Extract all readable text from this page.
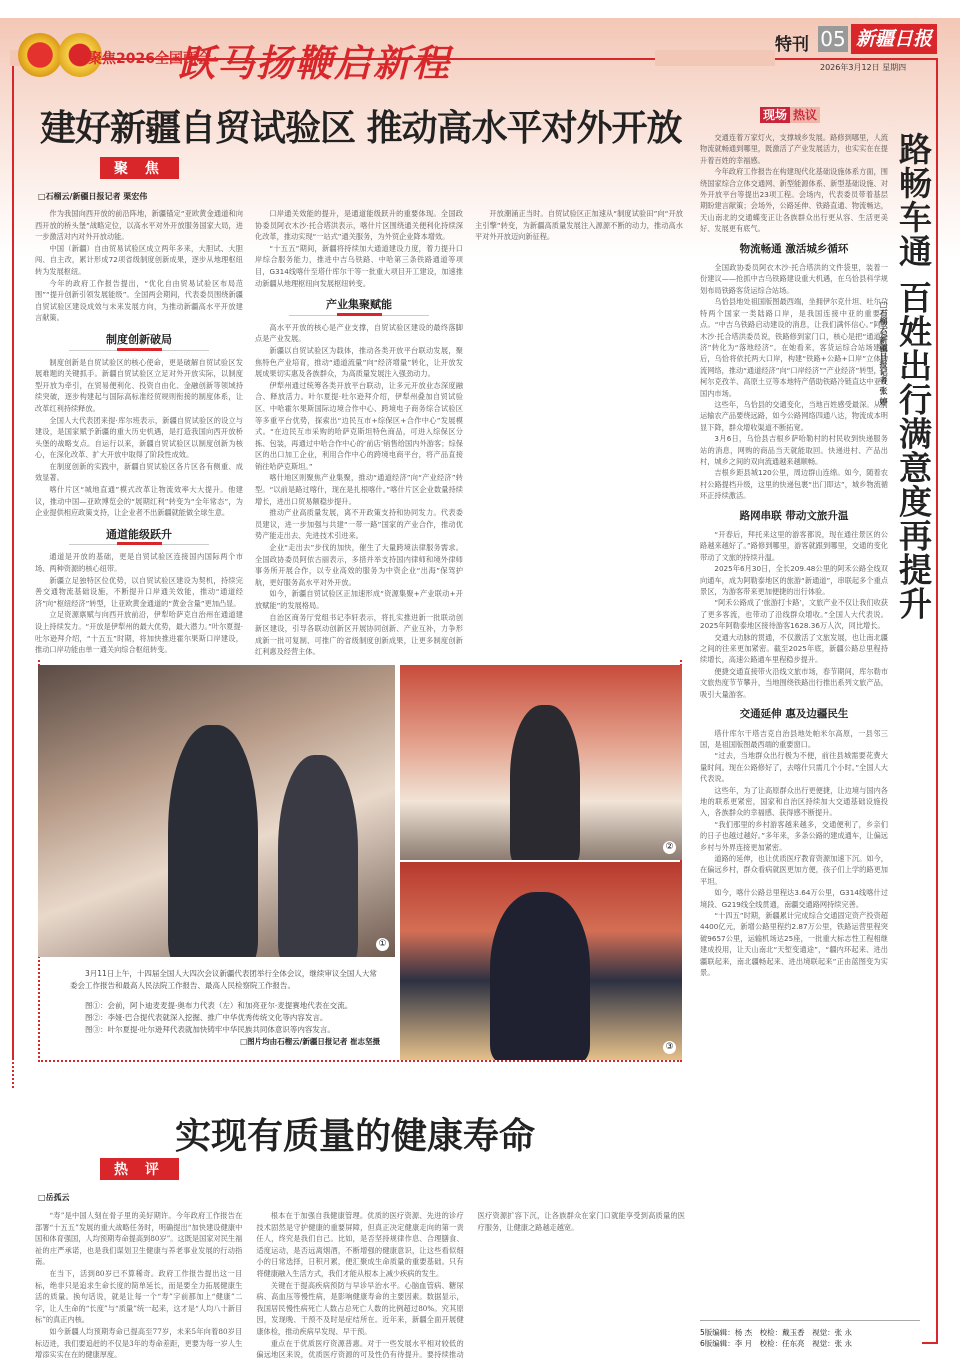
聚焦2026全国两会
跃马扬鞭启新程	特刊 05 新疆日报
2026年3月12日 星期四
建好新疆自贸试验区 推动高水平对外开放
聚 焦
□石榴云/新疆日报记者 栗宏伟

作为我国向西开放的前沿阵地，新疆锚定“亚欧黄金通道和向西开放的桥头堡”战略定位，以高水平对外开放服务国家大局，进一步激活对内对外开放动能。

中国（新疆）自由贸易试验区成立两年多来，大胆试、大胆闯、自主改，累计形成72项省级制度创新成果，逐步从地理枢纽转为发展枢纽。

今年的政府工作报告提出，“优化自由贸易试验区布局范围”“提升创新引领发展能级”。全国两会期间，代表委员围绕新疆自贸试验区建设成效与未来发展方向，为推动新疆高水平开放建言献策。

制度创新破局

制度创新是自贸试验区的核心使命，更是破解自贸试验区发展难题的关键抓手。新疆自贸试验区立足对外开放实际，以制度型开放为牵引，在贸易便利化、投资自由化、金融创新等领域持续突破，逐步构建起与国际高标准经贸规则衔接的制度体系，让改革红利持续释放。

全国人大代表团来提·库尔班表示，新疆自贸试验区的设立与建设，是国家赋予新疆的重大历史机遇，是打造我国向西开放桥头堡的战略支点。自运行以来，新疆自贸试验区以制度创新为核心，在深化改革、扩大开放中取得了阶段性成效。

在制度创新的实践中，新疆自贸试验区各片区各有侧重、成效显著。

喀什片区“城地直通”模式改革让物流效率大大提升。他建议，推动中国—亚欧博览会的“展期红利”转变为“全年常态”，为企业提供相应政策支持，让企业者不出新疆就能做全球生意。

通道能级跃升

通道是开放的基础，更是自贸试验区连接国内国际两个市场、两种资源的核心纽带。

新疆立足独特区位优势，以自贸试验区建设为契机，持续完善交通物流基础设施，不断提升口岸通关效能，推动“通道经济”向“枢纽经济”转型，让亚欧黄金通道的“黄金含量”更加凸显。

立足资源禀赋与向西开放前沿，伊犁哈萨克自治州在通道建设上持续发力。“开放是伊犁州的最大优势，最大潜力。”叶尔夏提·吐尔逊拜介绍，“十五五”时期，将加快推进霍尔果斯口岸建设，推动口岸功能由单一通关向综合枢纽转变。

口岸通关效能的提升，是通道能级跃升的重要体现。全国政协委员阿衣木沙·托合塔洪表示，喀什片区围绕通关便利化持续深化改革，推动实现“一站式”通关服务，为外贸企业降本增效。

“十五五”期间，新疆将持续加大通道建设力度，着力提升口岸综合服务能力，推进中吉乌铁路、中哈第三条铁路通道等项目，G314线喀什至塔什库尔干等一批重大项目开工建设，加速推动新疆从地理枢纽向发展枢纽转变。

产业集聚赋能

高水平开放的核心是产业支撑，自贸试验区建设的最终落脚点是产业发展。

新疆以自贸试验区为载体，推动各类开放平台联动发展，聚焦特色产业培育，推动“通道流量”向“经济增量”转化，让开放发展成果切实惠及各族群众，为高质量发展注入强劲动力。

伊犁州通过统筹各类开放平台联动，让多元开放业态深度融合、释放活力。叶尔夏提·吐尔逊拜介绍，伊犁州叠加自贸试验区、中哈霍尔果斯国际边境合作中心、跨境电子商务综合试验区等多重平台优势，探索出“边民互市+综保区+合作中心”发展模式。“在边民互市采购的哈萨克斯坦特色商品，可进入综保区分拣、包装，再通过中哈合作中心的‘前店’销售给国内外游客；综保区的出口加工企业，利用合作中心的跨境电商平台，将产品直接销往哈萨克斯坦。”

喀什地区则聚焦产业集聚，推动“通道经济”向“产业经济”转型。“以前是路过喀什，现在是扎根喀什。”喀什片区企业数量持续增长，进出口贸易额稳步提升。

推动产业高质量发展，离不开政策支持和协同发力。代表委员建议，进一步加强与共建“一带一路”国家的产业合作，推动优势产能走出去、先进技术引进来。

企业“走出去”步伐的加快，催生了大量跨境法律服务需求。全国政协委员阿依古丽表示，多措并举支持国内律师和境外律师事务所开展合作，以专业高效的服务为中资企业“出海”保驾护航，更好服务高水平对外开放。

如今，新疆自贸试验区正加速形成“资源集聚+产业联动+开放赋能”的发展格局。

自治区商务厅党组书记李轩表示，将扎实推进新一批联动创新区建设，引导各联动创新区开展协同创新、产业互补，力争形成新一批可复制、可推广的省级制度创新成果，让更多制度创新红利惠及经营主体。

开放潮涌正当时。自贸试验区正加速从“制度试验田”向“开放主引擎”转变，为新疆高质量发展注入源源不断的动力，推动高水平对外开放迈向新征程。

①
②
③

3月11日上午，十四届全国人大四次会议新疆代表团举行全体会议，继续审议全国人大常委会工作报告和最高人民法院工作报告、最高人民检察院工作报告。

图①：会前，阿卜迪麦麦提·奥布力代表（左）和加亮亚尔·麦提赛地代表在交流。
图②：李娅·巴合提代表就深入挖掘、推广中华优秀传统文化等内容发言。
图③：叶尔夏提·吐尔逊拜代表就加快铸牢中华民族共同体意识等内容发言。
□图片均由石榴云/新疆日报记者 崔志坚摄
现场 热议

交通连着万家灯火，支撑城乡发展。路修到哪里，人流物流就畅通到哪里，既激活了产业发展活力，也实实在在提升着百姓的幸福感。

今年政府工作报告在构建现代化基础设施体系方面，围绕国家综合立体交通网、新型能源体系、新型基础设施、对外开放平台等提出23项工程。会场内，代表委员带着基层期盼建言献策；会场外，公路延伸、铁路直通、物流畅达，天山南北的交通蝶变正让各族群众出行更从容、生活更美好、发展更有底气。

物流畅通 激活城乡循环

全国政协委员阿衣木沙·托合塔洪的文件袋里，装着一份建议——抢抓中吉乌铁路建设重大机遇，在乌恰县科学规划布局铁路客货运综合站场。

乌恰县地处祖国版图最西端，坐拥伊尔克什坦、吐尔尕特两个国家一类陆路口岸，是我国连接中亚的重要节点。“中吉乌铁路启动建设的消息，让我们满怀信心。”阿衣木沙·托合塔洪委员说，铁路修到家门口，核心是把“通道经济”转化为“落地经济”。在她看来，客货运综合站场建成后，乌恰将依托两大口岸，构建“铁路+公路+口岸”立体物流网络，推动“通道经济”向“口岸经济”“产业经济”转型，让柯尔克孜羊、高原土豆等本地特产借助铁路冷链直达中亚及国内市场。

这些年，乌恰县的交通变化，当地百姓感受最深。从前运输农产品要绕远路，如今公路网络四通八达，物流成本明显下降，群众增收渠道不断拓宽。

3月6日，乌恰县吉根乡萨哈勒村的村民收到快递服务站的消息，网购的商品当天就能取回。快递进村、产品出村，城乡之间的双向流通越来越顺畅。

吉根乡距县城120公里，周边群山连绵。如今，随着农村公路提档升级，这里的快递包裹“出门即达”，城乡物流循环正持续激活。

路网串联 带动文旅升温

“开春后，拜托来这里的游客都说，现在通往景区的公路越来越好了。”路修到哪里，游客就跟到哪里，交通的变化带动了文旅的持续升温。

2025年6月30日，全长209.48公里的阿禾公路全线双向通车，成为阿勒泰地区的旅游“新通道”，串联起多个重点景区，为游客带来更加便捷的出行体验。

“阿禾公路成了‘旅游打卡路’，文旅产业不仅让我们收获了更多客流，也带动了沿线群众增收。”全国人大代表说。2025年阿勒泰地区接待游客1628.36万人次，同比增长。

交通大动脉的贯通，不仅激活了文旅发展，也让南北疆之间的往来更加紧密。截至2025年底，新疆公路总里程持续增长，高速公路通车里程稳步提升。

便捷交通直接带火沿线文旅市场，春节期间，库尔勒市文旅热度节节攀升，当地围绕铁路出行推出系列文旅产品，吸引大量游客。

交通延伸 惠及边疆民生

塔什库尔干塔吉克自治县地处帕米尔高原，一县邻三国，是祖国版图最西端的重要窗口。

“过去，当地群众出行极为不便，前往县城需要花费大量时间。现在公路修好了，去喀什只需几个小时。”全国人大代表说。

这些年，为了让高原群众出行更便捷，让边境与国内各地的联系更紧密，国家和自治区持续加大交通基础设施投入，各族群众的幸福感、获得感不断提升。

“我们那里的乡村游客越来越多，交通便利了，乡亲们的日子也越过越好。”多年来，多条公路的建成通车，让偏远乡村与外界连接更加紧密。

道路的延伸，也让优质医疗教育资源加速下沉。如今，在偏远乡村，群众看病就医更加方便，孩子们上学的路更加平坦。

如今，喀什公路总里程达3.64万公里，G314线喀什过境段、G219线全线贯通，南疆交通路网持续完善。

“十四五”时期，新疆累计完成综合交通固定资产投资超4400亿元，新增公路里程约2.87万公里，铁路运营里程突破9657公里，运输机场达25座，一批重大标志性工程相继建成投用，让天山南北“天堑变通途”，“疆内环起来、进出疆联起来，南北疆畅起来、进出境联起来”正由蓝图变为实景。

路畅车通 百姓出行满意度再提升
□石榴云/新疆日报记者 张 婷
实现有质量的健康寿命
热 评
□岳孤云

“寿”是中国人刻在骨子里的美好期许。今年政府工作报告在部署“十五五”发展的重大战略任务时，明确提出“加快建设健康中国和体育强国，人均预期寿命提高到80岁”。这既是国家对民生福祉的庄严承诺，也是我们谋划卫生健康与养老事业发展的行动指南。

在当下，活到80岁已不算稀奇。政府工作报告提出这一目标，绝非只是追求生命长度的简单延长，而是要全力拓展健康生活的质量。换句话说，就是让每一个“寿”字前都加上“健康”二字，让人生命的“长度”与“质量”统一起来，这才是“人均八十新目标”的真正内核。

如今新疆人均预期寿命已提高至77岁，未来5年向着80岁目标迈进，我们要追赶的不仅是3年的寿命差距，更要为每一岁人生增添实实在在的健康厚度。

根本在于加强自我健康管理。优质的医疗资源、先进的诊疗技术固然是守护健康的重要屏障，但真正决定健康走向的第一责任人，终究是我们自己。比如，是否坚持规律作息、合理膳食、适度运动，是否远离烟酒，不断增强的健康意识，让这些看似细小的日常选择，日积月累，便汇聚成生命质量的重要基础。只有将健康融入生活方式，我们才能从根本上减少疾病的发生。

关键在于提高疾病预防与早诊早治水平。心脑血管病、糖尿病、高血压等慢性病，是影响健康寿命的主要因素。数据显示，我国居民慢性病死亡人数占总死亡人数的比例超过80%。究其原因，发现晚、干预不及时是症结所在。近年来，新疆全面开展健康体检，推动疾病早发现、早干预。

重点在于优质医疗资源普惠。对于一些发展水平相对较低的偏远地区来说，优质医疗资源的可及性仍有待提升。要持续推动医疗资源扩容下沉，让各族群众在家门口就能享受到高质量的医疗服务，让健康之路越走越宽。

5版编辑：杨 杰　校检：戴玉香　视觉：张 永
6版编辑：李 月　校检：任东亮　视觉：张 永
